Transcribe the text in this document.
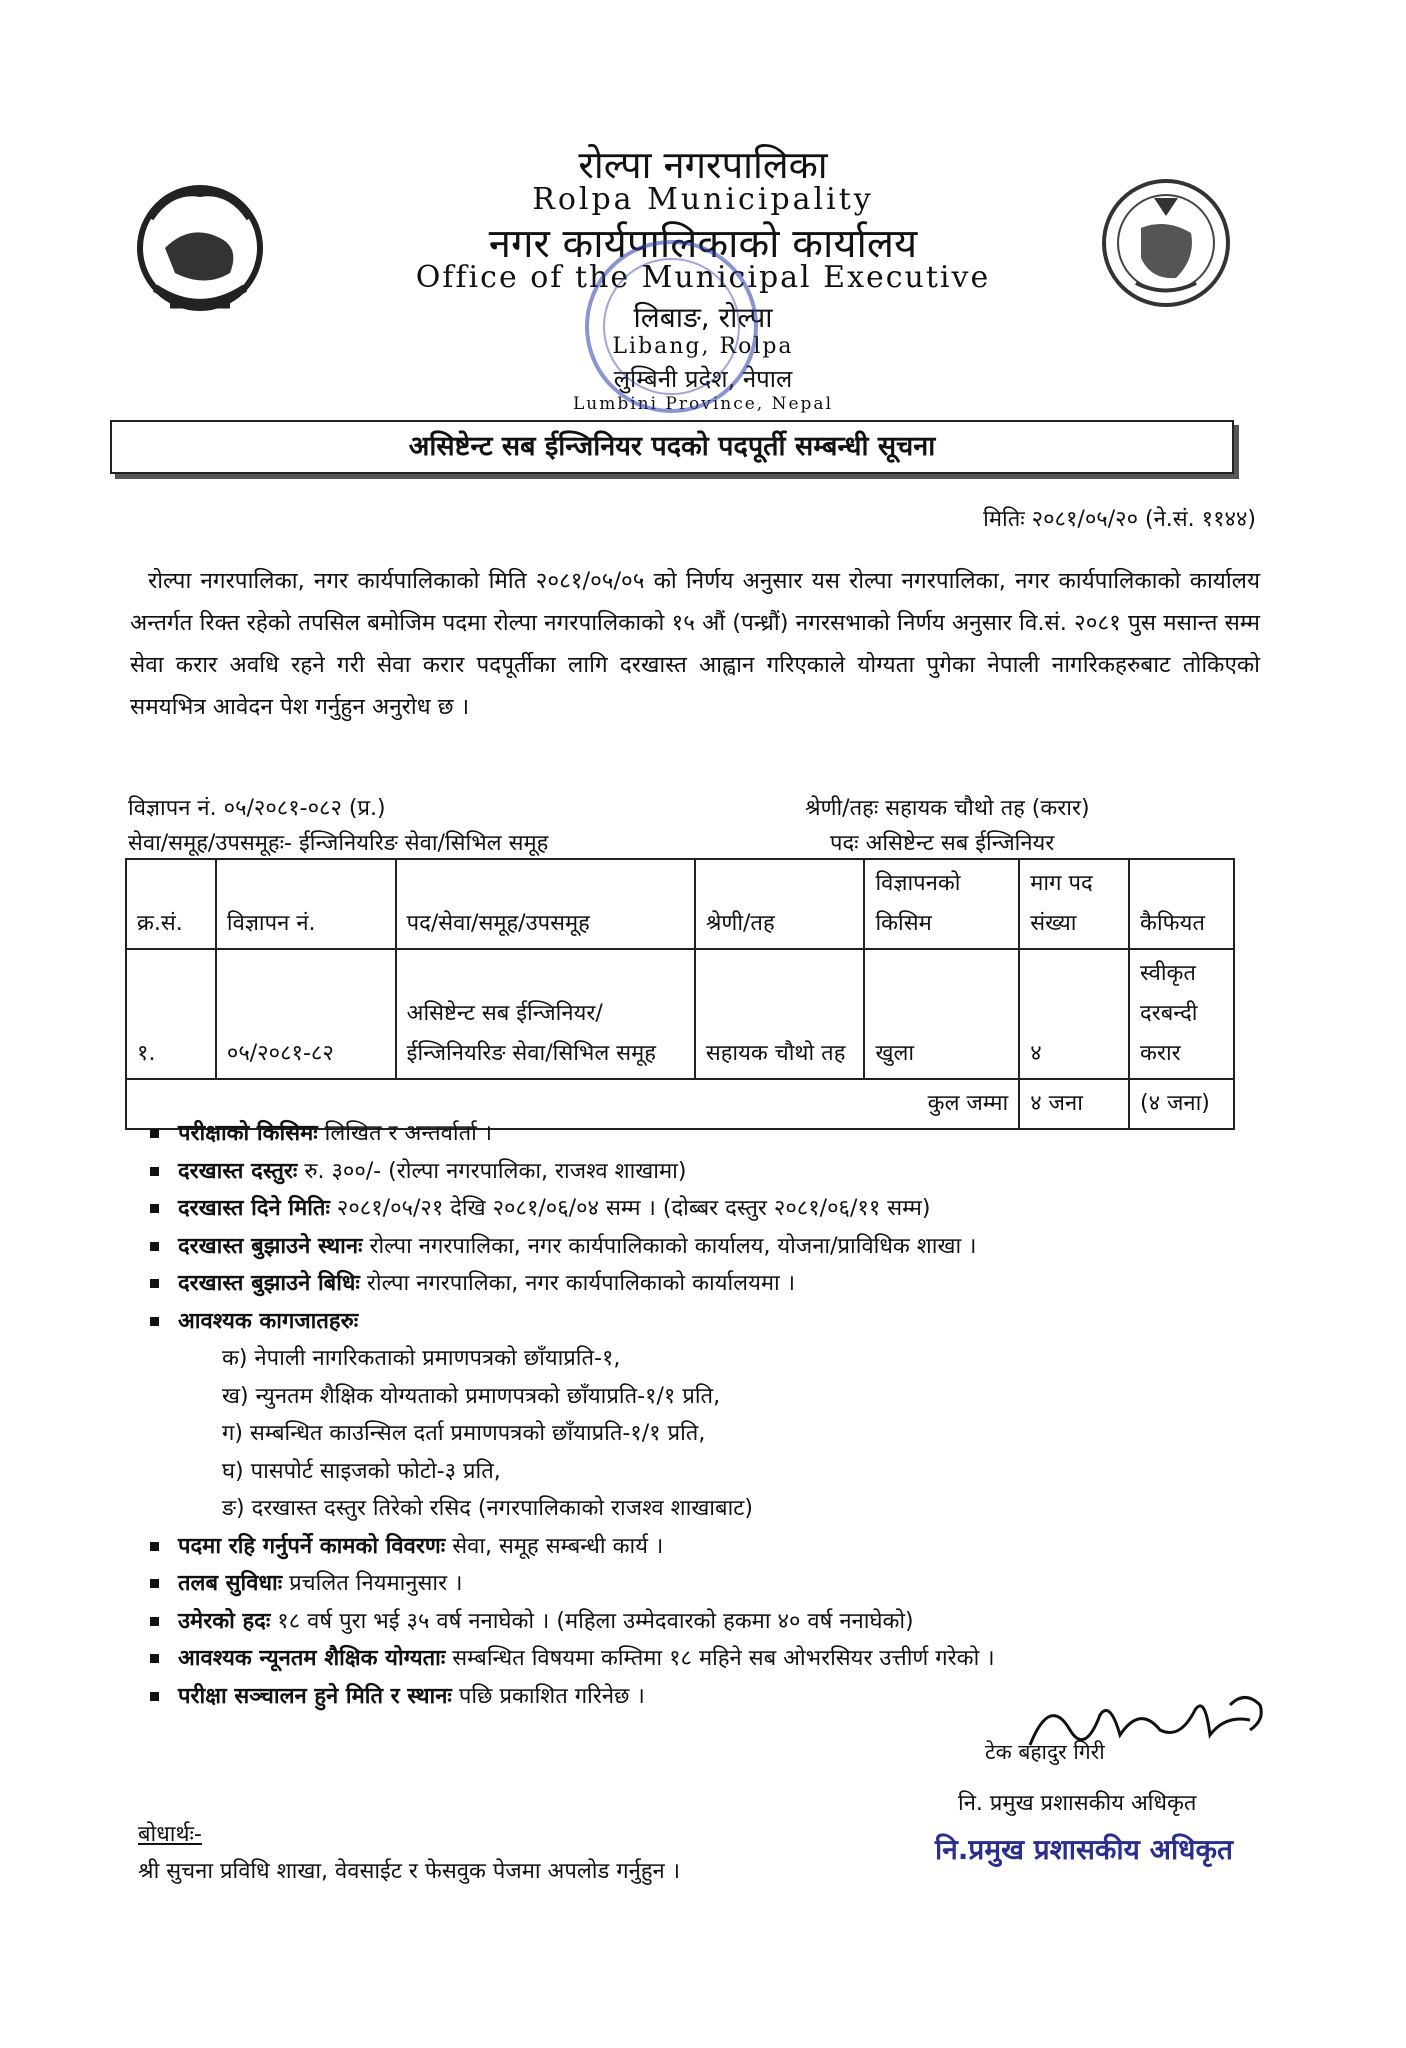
रोल्पा नगरपालिका
Rolpa Municipality
नगर कार्यपालिकाको कार्यालय
Office of the Municipal Executive
लिबाङ, रोल्पा
Libang, Rolpa
लुम्बिनी प्रदेश, नेपाल
Lumbini Province, Nepal
असिष्टेन्ट सब ईन्जिनियर पदको पदपूर्ती सम्बन्धी सूचना
मितिः २०८१/०५/२० (ने.सं. ११४४)
रोल्पा नगरपालिका, नगर कार्यपालिकाको मिति २०८१/०५/०५ को निर्णय अनुसार यस रोल्पा नगरपालिका, नगर कार्यपालिकाको कार्यालय अन्तर्गत रिक्त रहेको तपसिल बमोजिम पदमा रोल्पा नगरपालिकाको १५ औं (पन्ध्रौं) नगरसभाको निर्णय अनुसार वि.सं. २०८१ पुस मसान्त सम्म सेवा करार अवधि रहने गरी सेवा करार पदपूर्तीका लागि दरखास्त आह्वान गरिएकाले योग्यता पुगेका नेपाली नागरिकहरुबाट तोकिएको समयभित्र आवेदन पेश गर्नुहुन अनुरोध छ ।
विज्ञापन नं. ०५/२०८१-०८२ (प्र.)	श्रेणी/तहः सहायक चौथो तह (करार)
सेवा/समूह/उपसमूहः- ईन्जिनियरिङ सेवा/सिभिल समूह	पदः असिष्टेन्ट सब ईन्जिनियर
क्र.सं.	विज्ञापन नं.	पद/सेवा/समूह/उपसमूह	श्रेणी/तह	विज्ञापनको किसिम	माग पद संख्या	कैफियत
१.	०५/२०८१-८२	असिष्टेन्ट सब ईन्जिनियर/ईन्जिनियरिङ सेवा/सिभिल समूह	सहायक चौथो तह	खुला	४	स्वीकृत दरबन्दी करार
कुल जम्मा					४ जना	(४ जना)
परीक्षाको किसिमः लिखित र अन्तर्वार्ता ।
दरखास्त दस्तुरः रु. ३००/- (रोल्पा नगरपालिका, राजश्व शाखामा)
दरखास्त दिने मितिः २०८१/०५/२१ देखि २०८१/०६/०४ सम्म । (दोब्बर दस्तुर २०८१/०६/११ सम्म)
दरखास्त बुझाउने स्थानः रोल्पा नगरपालिका, नगर कार्यपालिकाको कार्यालय, योजना/प्राविधिक शाखा ।
दरखास्त बुझाउने बिधिः रोल्पा नगरपालिका, नगर कार्यपालिकाको कार्यालयमा ।
आवश्यक कागजातहरुः
क) नेपाली नागरिकताको प्रमाणपत्रको छाँयाप्रति-१,
ख) न्युनतम शैक्षिक योग्यताको प्रमाणपत्रको छाँयाप्रति-१/१ प्रति,
ग) सम्बन्धित काउन्सिल दर्ता प्रमाणपत्रको छाँयाप्रति-१/१ प्रति,
घ) पासपोर्ट साइजको फोटो-३ प्रति,
ङ) दरखास्त दस्तुर तिरेको रसिद (नगरपालिकाको राजश्व शाखाबाट)
पदमा रहि गर्नुपर्ने कामको विवरणः सेवा, समूह सम्बन्धी कार्य ।
तलब सुविधाः प्रचलित नियमानुसार ।
उमेरको हदः १८ वर्ष पुरा भई ३५ वर्ष ननाघेको । (महिला उम्मेदवारको हकमा ४० वर्ष ननाघेको)
आवश्यक न्यूनतम शैक्षिक योग्यताः सम्बन्धित विषयमा कम्तिमा १८ महिने सब ओभरसियर उत्तीर्ण गरेको ।
परीक्षा सञ्चालन हुने मिति र स्थानः पछि प्रकाशित गरिनेछ ।
टेक बहादुर गिरी
नि. प्रमुख प्रशासकीय अधिकृत
नि.प्रमुख प्रशासकीय अधिकृत
बोधार्थः-
श्री सुचना प्रविधि शाखा, वेवसाईट र फेसवुक पेजमा अपलोड गर्नुहुन ।
